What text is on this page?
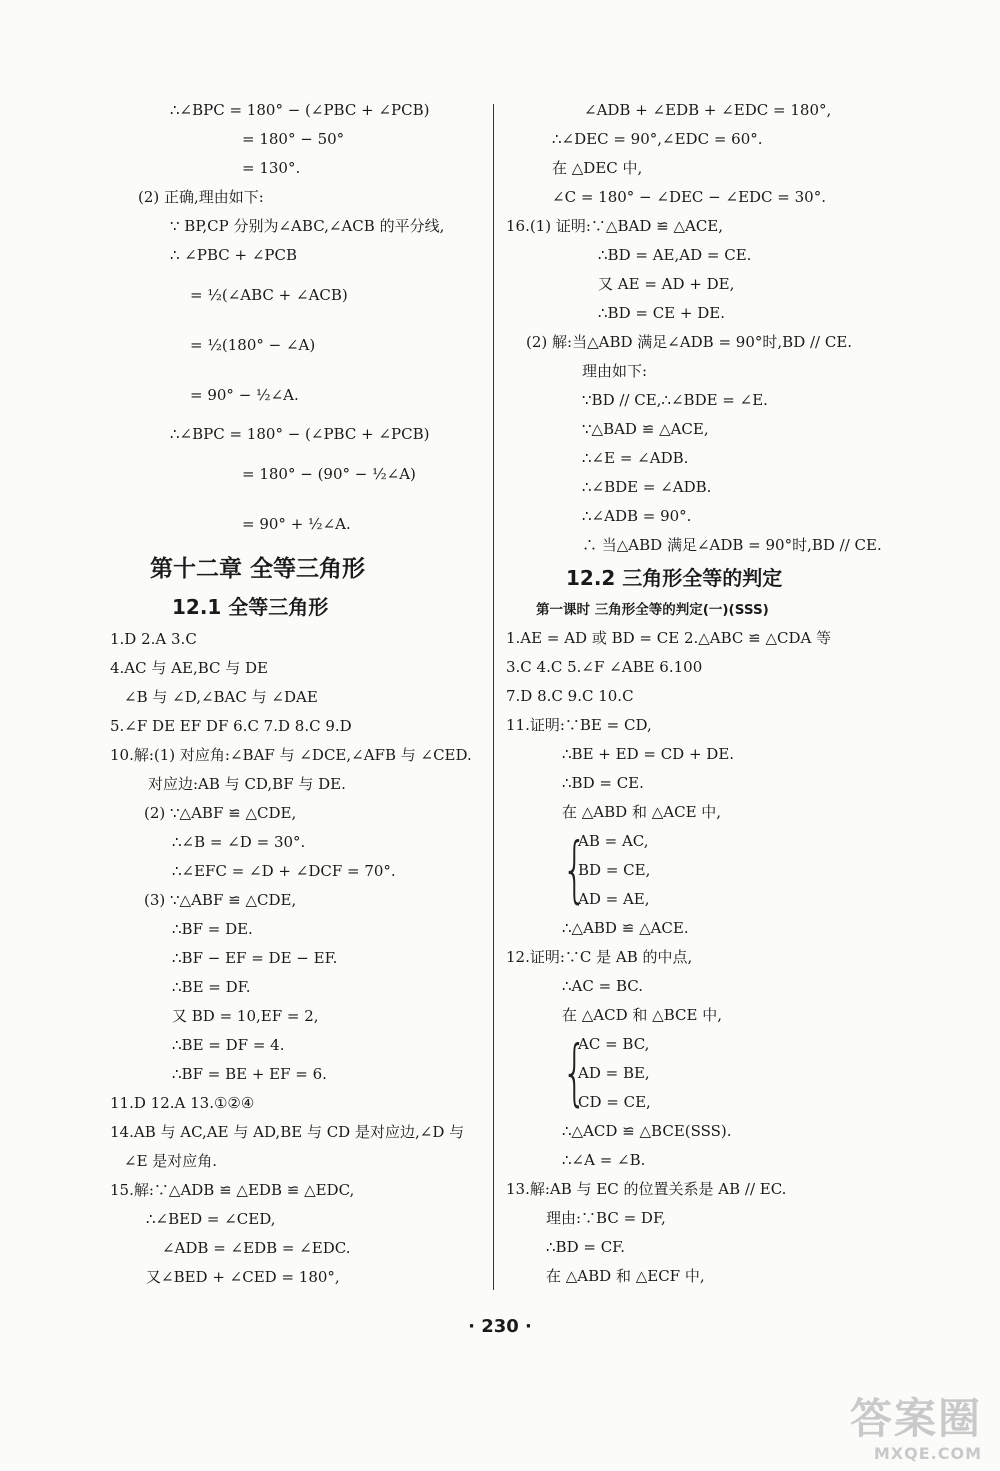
∴∠BPC = 180° − (∠PBC + ∠PCB)
= 180° − 50°
= 130°.
(2) 正确,理由如下:
∵ BP,CP 分别为∠ABC,∠ACB 的平分线,
∴ ∠PBC + ∠PCB
= ½(∠ABC + ∠ACB)
= ½(180° − ∠A)
= 90° − ½∠A.
∴∠BPC = 180° − (∠PBC + ∠PCB)
= 180° − (90° − ½∠A)
= 90° + ½∠A.
第十二章 全等三角形
12.1 全等三角形
1.D 2.A 3.C
4.AC 与 AE,BC 与 DE
∠B 与 ∠D,∠BAC 与 ∠DAE
5.∠F DE EF DF 6.C 7.D 8.C 9.D
10.解:(1) 对应角:∠BAF 与 ∠DCE,∠AFB 与 ∠CED.
对应边:AB 与 CD,BF 与 DE.
(2) ∵△ABF ≌ △CDE,
∴∠B = ∠D = 30°.
∴∠EFC = ∠D + ∠DCF = 70°.
(3) ∵△ABF ≌ △CDE,
∴BF = DE.
∴BF − EF = DE − EF.
∴BE = DF.
又 BD = 10,EF = 2,
∴BE = DF = 4.
∴BF = BE + EF = 6.
11.D 12.A 13.①②④
14.AB 与 AC,AE 与 AD,BE 与 CD 是对应边,∠D 与
∠E 是对应角.
15.解:∵△ADB ≌ △EDB ≌ △EDC,
∴∠BED = ∠CED,
∠ADB = ∠EDB = ∠EDC.
又∠BED + ∠CED = 180°,
∠ADB + ∠EDB + ∠EDC = 180°,
∴∠DEC = 90°,∠EDC = 60°.
在 △DEC 中,
∠C = 180° − ∠DEC − ∠EDC = 30°.
16.(1) 证明:∵△BAD ≌ △ACE,
∴BD = AE,AD = CE.
又 AE = AD + DE,
∴BD = CE + DE.
(2) 解:当△ABD 满足∠ADB = 90°时,BD // CE.
理由如下:
∵BD // CE,∴∠BDE = ∠E.
∵△BAD ≌ △ACE,
∴∠E = ∠ADB.
∴∠BDE = ∠ADB.
∴∠ADB = 90°.
∴ 当△ABD 满足∠ADB = 90°时,BD // CE.
12.2 三角形全等的判定
第一课时 三角形全等的判定(一)(SSS)
1.AE = AD 或 BD = CE 2.△ABC ≌ △CDA 等
3.C 4.C 5.∠F ∠ABE 6.100
7.D 8.C 9.C 10.C
11.证明:∵BE = CD,
∴BE + ED = CD + DE.
∴BD = CE.
在 △ABD 和 △ACE 中,
AB = AC,
{
BD = CE,
AD = AE,
∴△ABD ≌ △ACE.
12.证明:∵C 是 AB 的中点,
∴AC = BC.
在 △ACD 和 △BCE 中,
AC = BC,
{
AD = BE,
CD = CE,
∴△ACD ≌ △BCE(SSS).
∴∠A = ∠B.
13.解:AB 与 EC 的位置关系是 AB // EC.
理由:∵BC = DF,
∴BD = CF.
在 △ABD 和 △ECF 中,
· 230 ·
答案圈
MXQE.COM
